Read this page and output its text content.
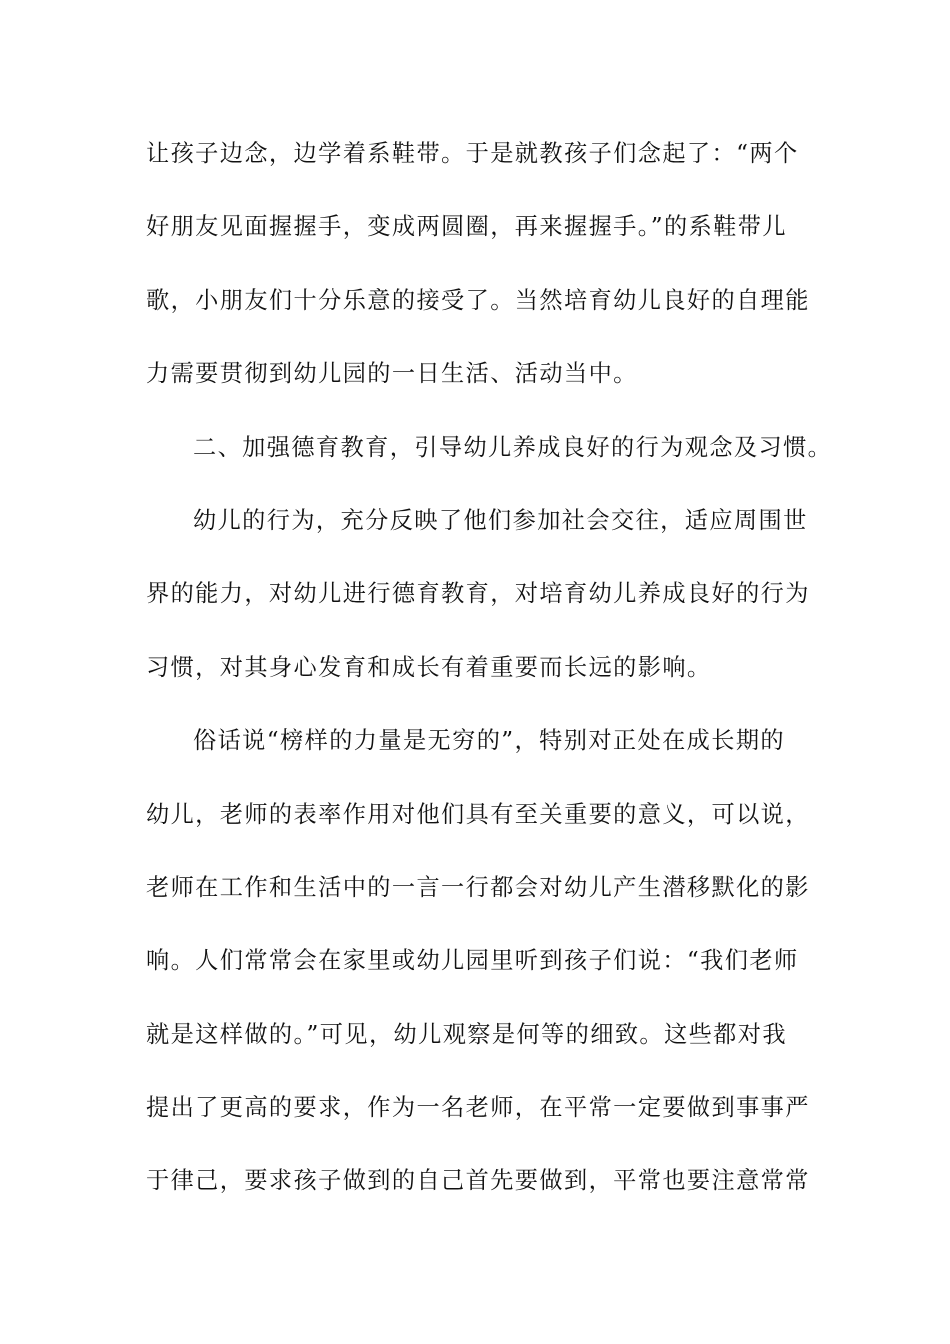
让孩子边念，边学着系鞋带。于是就教孩子们念起了：“两个
好朋友见面握握手，变成两圆圈，再来握握手。”的系鞋带儿
歌，小朋友们十分乐意的接受了。当然培育幼儿良好的自理能
力需要贯彻到幼儿园的一日生活、活动当中。
二、加强德育教育，引导幼儿养成良好的行为观念及习惯。
幼儿的行为，充分反映了他们参加社会交往，适应周围世
界的能力，对幼儿进行德育教育，对培育幼儿养成良好的行为
习惯，对其身心发育和成长有着重要而长远的影响。
俗话说“榜样的力量是无穷的”，特别对正处在成长期的
幼儿，老师的表率作用对他们具有至关重要的意义，可以说，
老师在工作和生活中的一言一行都会对幼儿产生潜移默化的影
响。人们常常会在家里或幼儿园里听到孩子们说：“我们老师
就是这样做的。”可见，幼儿观察是何等的细致。这些都对我
提出了更高的要求，作为一名老师，在平常一定要做到事事严
于律己，要求孩子做到的自己首先要做到，平常也要注意常常
